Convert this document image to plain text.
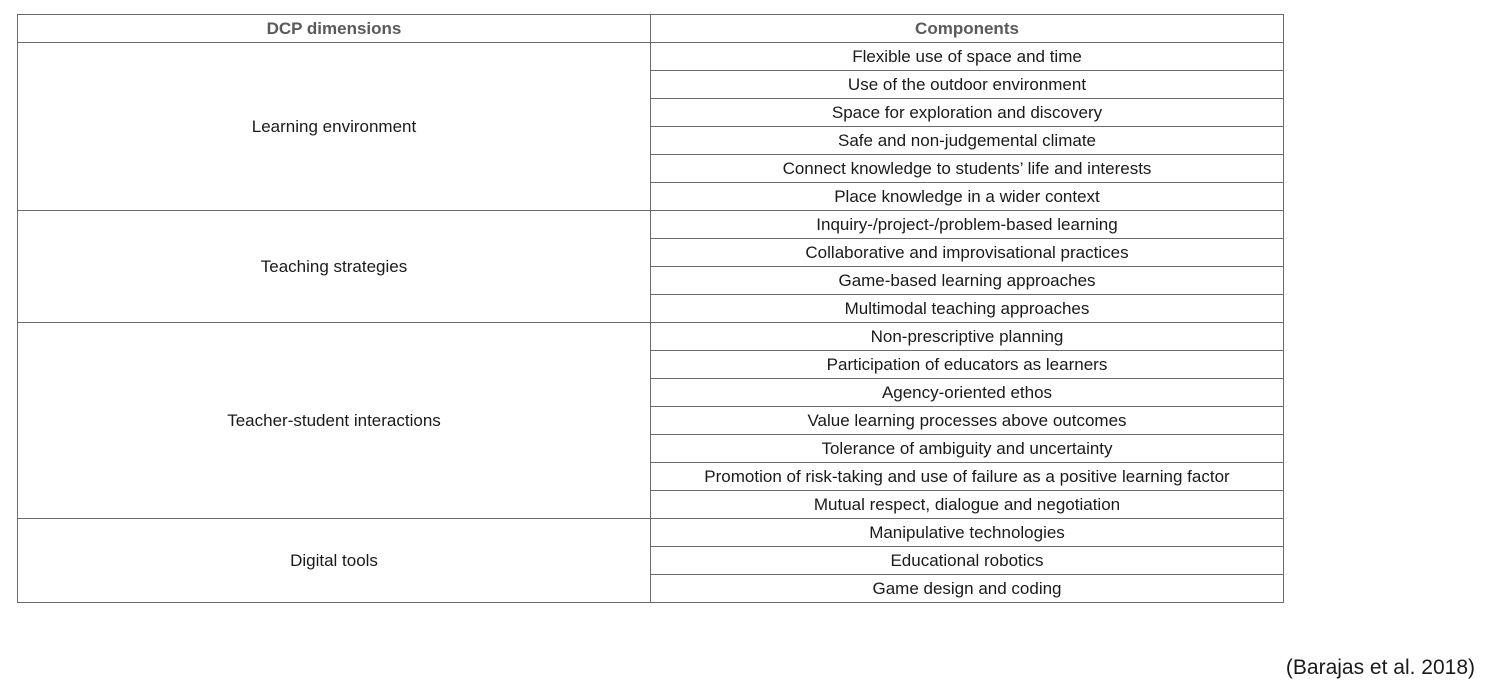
DCP dimensions	Components
Learning environment	Flexible use of space and time
	Use of the outdoor environment
	Space for exploration and discovery
	Safe and non-judgemental climate
	Connect knowledge to students’ life and interests
	Place knowledge in a wider context
Teaching strategies	Inquiry-/project-/problem-based learning
	Collaborative and improvisational practices
	Game-based learning approaches
	Multimodal teaching approaches
Teacher-student interactions	Non-prescriptive planning
	Participation of educators as learners
	Agency-oriented ethos
	Value learning processes above outcomes
	Tolerance of ambiguity and uncertainty
	Promotion of risk-taking and use of failure as a positive learning factor
	Mutual respect, dialogue and negotiation
Digital tools	Manipulative technologies
	Educational robotics
	Game design and coding
(Barajas et al. 2018)
